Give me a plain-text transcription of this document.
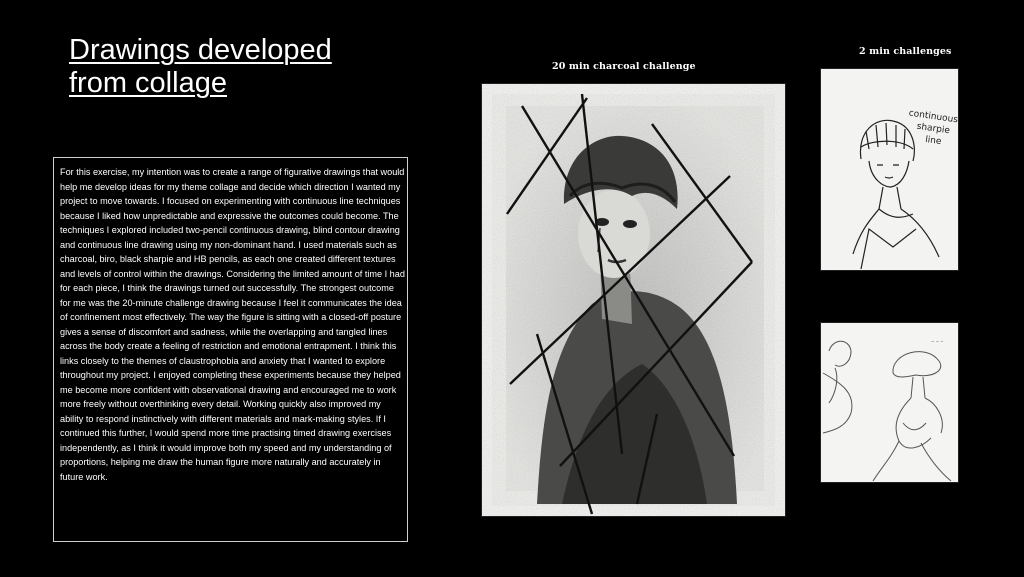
Drawings developed
from collage

For this exercise, my intention was to create a range of figurative drawings that would help me develop ideas for my theme collage and decide which direction I wanted my project to move towards. I focused on experimenting with continuous line techniques because I liked how unpredictable and expressive the outcomes could become. The techniques I explored included two-pencil continuous drawing, blind contour drawing and continuous line drawing using my non-dominant hand. I used materials such as charcoal, biro, black sharpie and HB pencils, as each one created different textures and levels of control within the drawings. Considering the limited amount of time I had for each piece, I think the drawings turned out successfully. The strongest outcome for me was the 20-minute challenge drawing because I feel it communicates the idea of confinement most effectively. The way the figure is sitting with a closed-off posture gives a sense of discomfort and sadness, while the overlapping and tangled lines across the body create a feeling of restriction and emotional entrapment. I think this links closely to the themes of claustrophobia and anxiety that I wanted to explore throughout my project. I enjoyed completing these experiments because they helped me become more confident with observational drawing and encouraged me to work more freely without overthinking every detail. Working quickly also improved my ability to respond instinctively with different materials and mark-making styles. If I continued this further, I would spend more time practising timed drawing exercises independently, as I think it would improve both my speed and my understanding of proportions, helping me draw the human figure more naturally and accurately in future work.

20 min charcoal challenge
2 min challenges
continuous
sharpie
line
~ ~ ~
